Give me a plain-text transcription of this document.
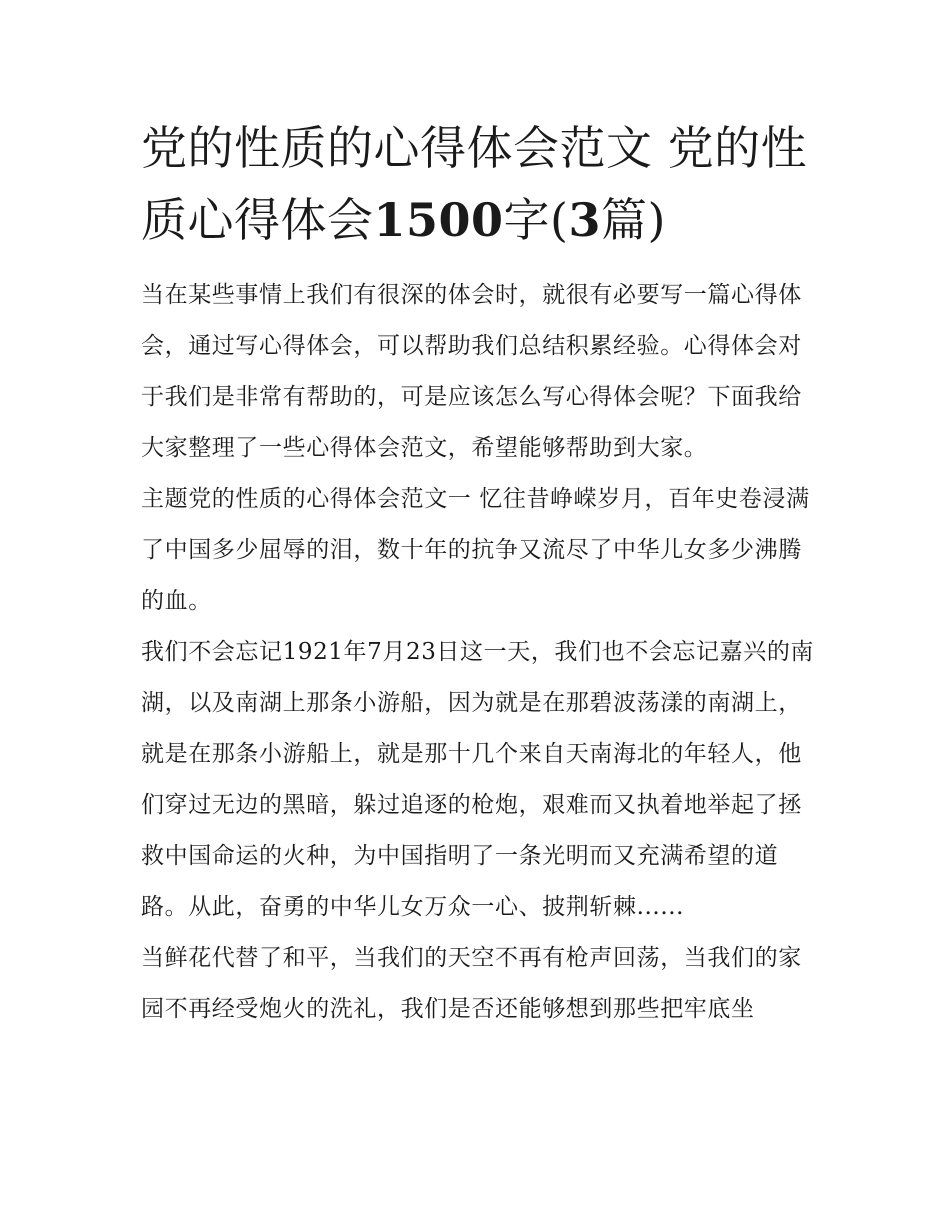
党的性质的心得体会范文 党的性质心得体会1500字(3篇)

当在某些事情上我们有很深的体会时，就很有必要写一篇心得体会，通过写心得体会，可以帮助我们总结积累经验。心得体会对于我们是非常有帮助的，可是应该怎么写心得体会呢？下面我给大家整理了一些心得体会范文，希望能够帮助到大家。

主题党的性质的心得体会范文一 忆往昔峥嵘岁月，百年史卷浸满了中国多少屈辱的泪，数十年的抗争又流尽了中华儿女多少沸腾的血。

我们不会忘记1921年7月23日这一天，我们也不会忘记嘉兴的南湖，以及南湖上那条小游船，因为就是在那碧波荡漾的南湖上，就是在那条小游船上，就是那十几个来自天南海北的年轻人，他们穿过无边的黑暗，躲过追逐的枪炮，艰难而又执着地举起了拯救中国命运的火种，为中国指明了一条光明而又充满希望的道路。从此，奋勇的中华儿女万众一心、披荆斩棘......

当鲜花代替了和平，当我们的天空不再有枪声回荡，当我们的家园不再经受炮火的洗礼，我们是否还能够想到那些把牢底坐
